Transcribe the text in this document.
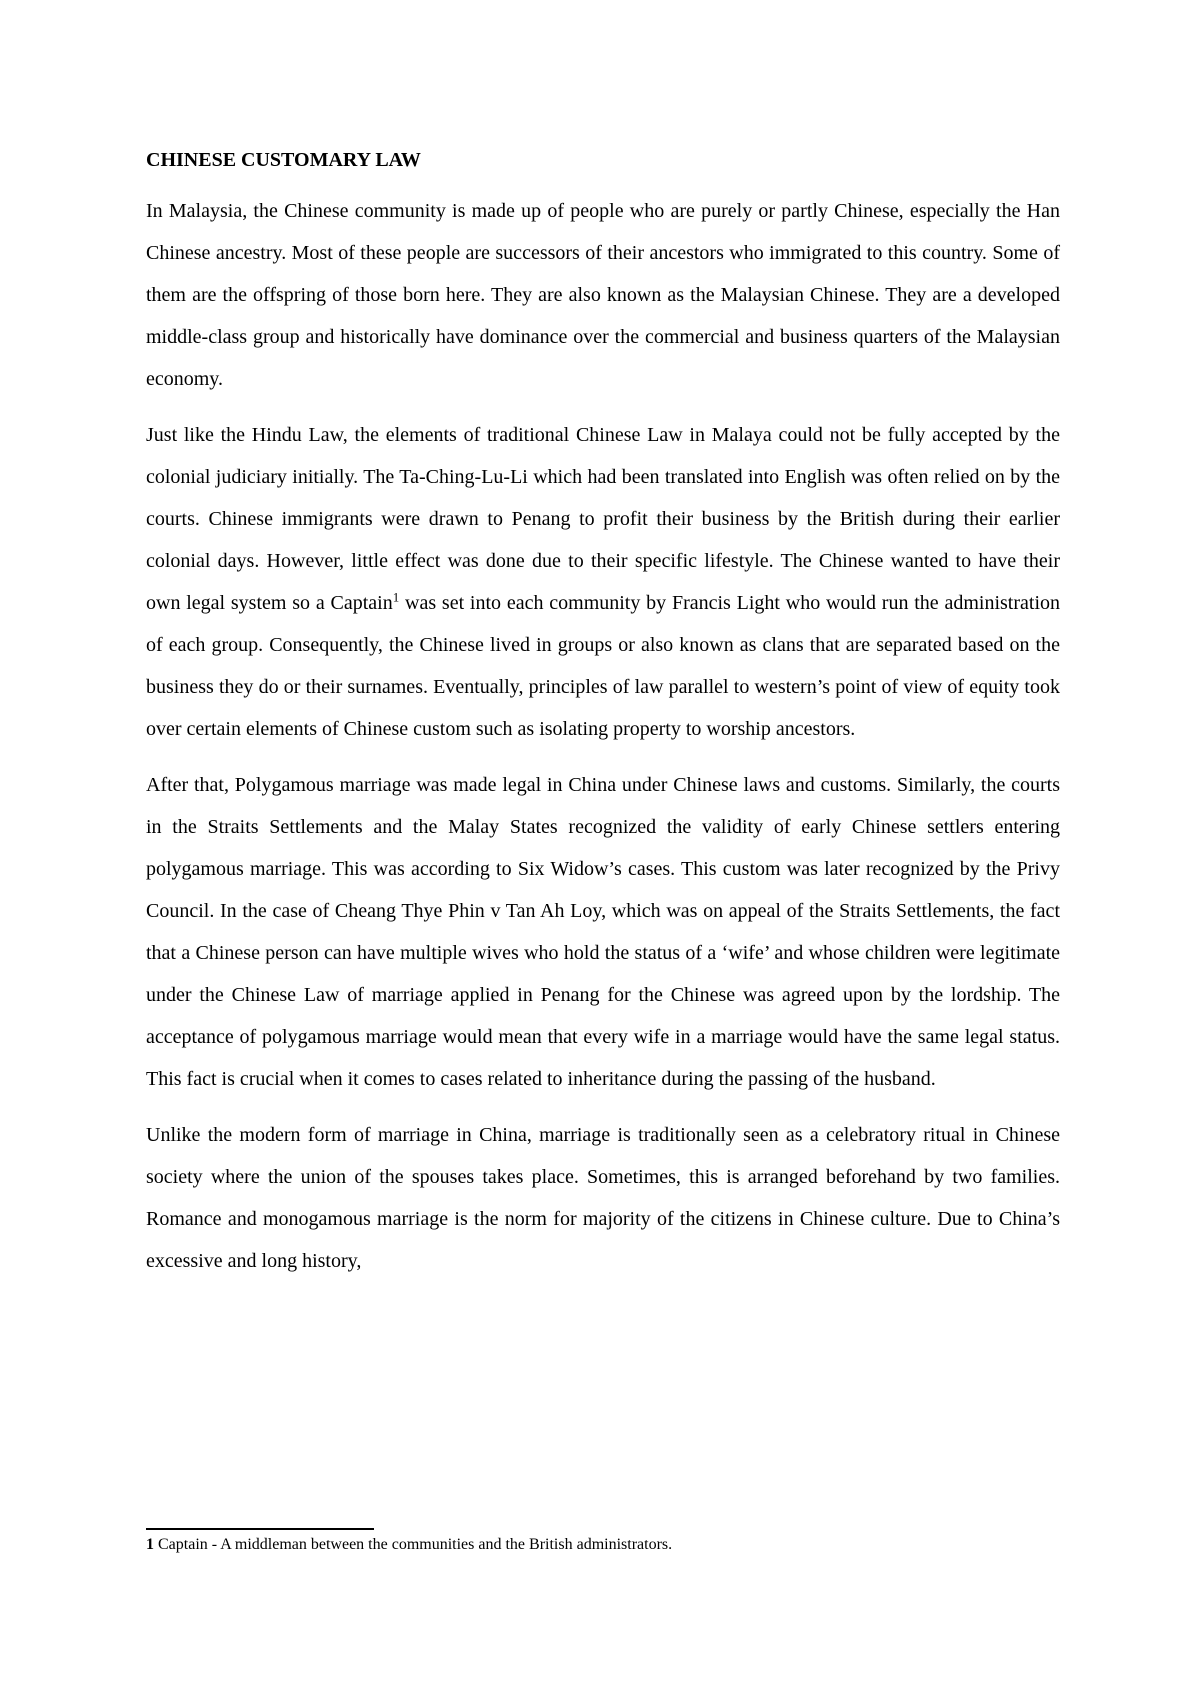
CHINESE CUSTOMARY LAW

In Malaysia, the Chinese community is made up of people who are purely or partly Chinese, especially the Han Chinese ancestry. Most of these people are successors of their ancestors who immigrated to this country. Some of them are the offspring of those born here. They are also known as the Malaysian Chinese. They are a developed middle-class group and historically have dominance over the commercial and business quarters of the Malaysian economy.

Just like the Hindu Law, the elements of traditional Chinese Law in Malaya could not be fully accepted by the colonial judiciary initially. The Ta-Ching-Lu-Li which had been translated into English was often relied on by the courts. Chinese immigrants were drawn to Penang to profit their business by the British during their earlier colonial days. However, little effect was done due to their specific lifestyle. The Chinese wanted to have their own legal system so a Captain$^1$ was set into each community by Francis Light who would run the administration of each group. Consequently, the Chinese lived in groups or also known as clans that are separated based on the business they do or their surnames. Eventually, principles of law parallel to western’s point of view of equity took over certain elements of Chinese custom such as isolating property to worship ancestors.

After that, Polygamous marriage was made legal in China under Chinese laws and customs. Similarly, the courts in the Straits Settlements and the Malay States recognized the validity of early Chinese settlers entering polygamous marriage. This was according to Six Widow’s cases. This custom was later recognized by the Privy Council. In the case of Cheang Thye Phin v Tan Ah Loy, which was on appeal of the Straits Settlements, the fact that a Chinese person can have multiple wives who hold the status of a ‘wife’ and whose children were legitimate under the Chinese Law of marriage applied in Penang for the Chinese was agreed upon by the lordship. The acceptance of polygamous marriage would mean that every wife in a marriage would have the same legal status. This fact is crucial when it comes to cases related to inheritance during the passing of the husband.

Unlike the modern form of marriage in China, marriage is traditionally seen as a celebratory ritual in Chinese society where the union of the spouses takes place. Sometimes, this is arranged beforehand by two families. Romance and monogamous marriage is the norm for majority of the citizens in Chinese culture. Due to China’s excessive and long history,

1 Captain - A middleman between the communities and the British administrators.
